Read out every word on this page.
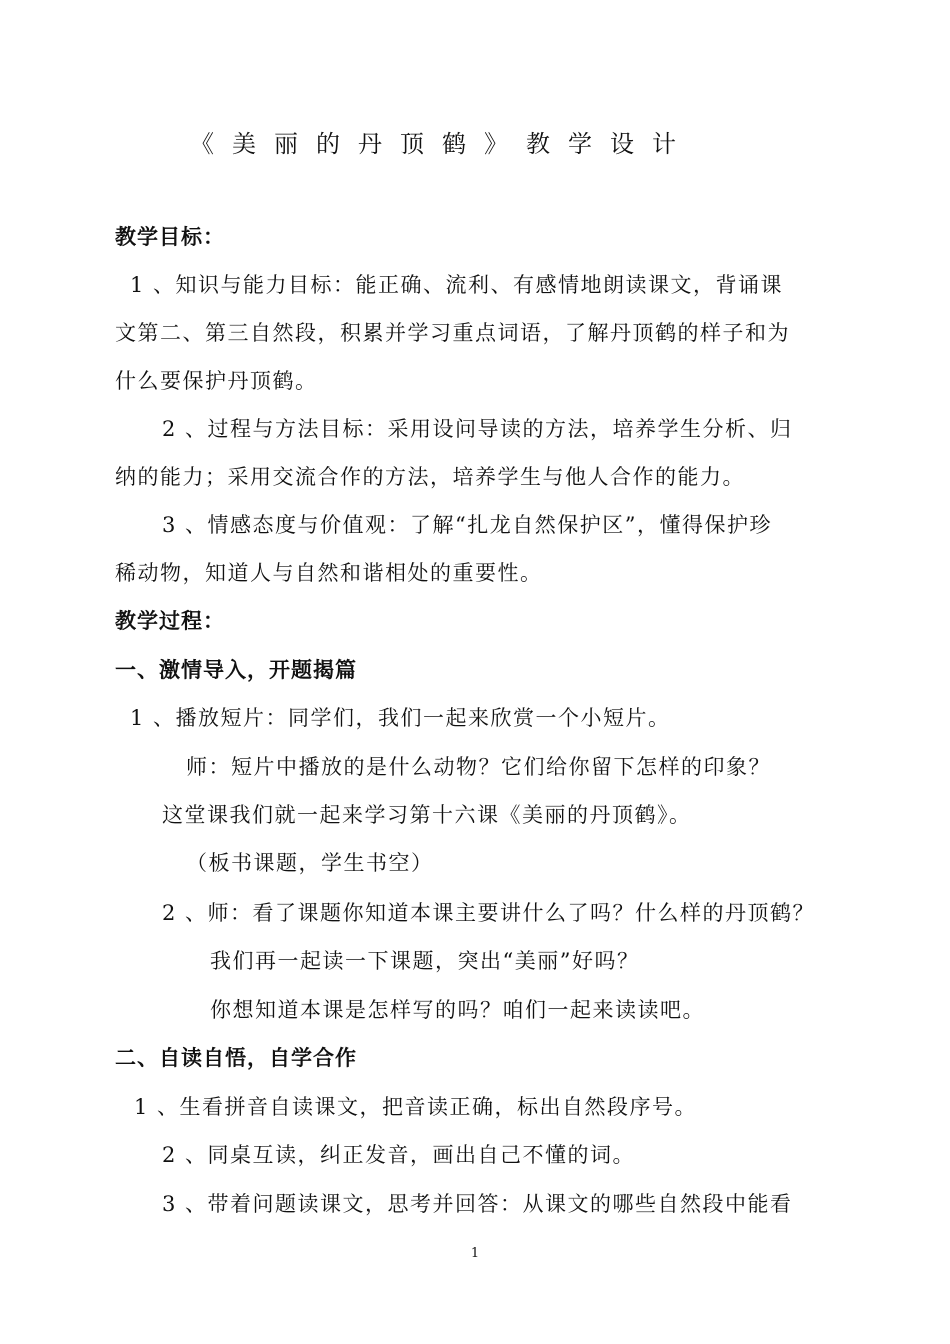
《美丽的丹顶鹤》教学设计
教学目标：
1 、知识与能力目标：能正确、流利、有感情地朗读课文，背诵课
文第二、第三自然段，积累并学习重点词语，了解丹顶鹤的样子和为
什么要保护丹顶鹤。
2 、过程与方法目标：采用设问导读的方法，培养学生分析、归
纳的能力；采用交流合作的方法，培养学生与他人合作的能力。
3 、情感态度与价值观：了解“扎龙自然保护区”，懂得保护珍
稀动物，知道人与自然和谐相处的重要性。
教学过程：
一、激情导入，开题揭篇
1 、播放短片：同学们，我们一起来欣赏一个小短片。
师：短片中播放的是什么动物？它们给你留下怎样的印象？
这堂课我们就一起来学习第十六课《美丽的丹顶鹤》。
（板书课题，学生书空）
2 、师：看了课题你知道本课主要讲什么了吗？什么样的丹顶鹤？
我们再一起读一下课题，突出“美丽”好吗？
你想知道本课是怎样写的吗？咱们一起来读读吧。
二、自读自悟，自学合作
1 、生看拼音自读课文，把音读正确，标出自然段序号。
2 、同桌互读，纠正发音，画出自己不懂的词。
3 、带着问题读课文，思考并回答：从课文的哪些自然段中能看
1
